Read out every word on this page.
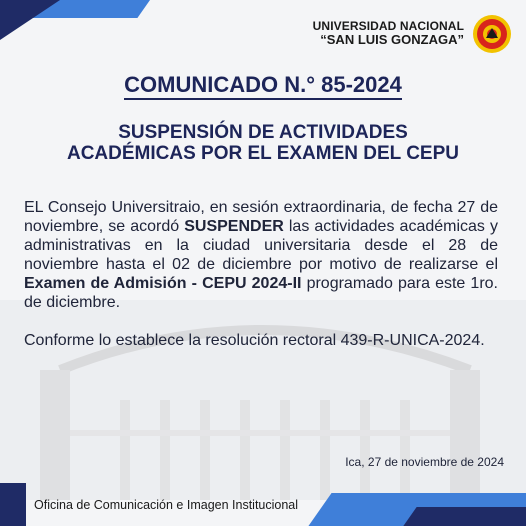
UNIVERSIDAD NACIONAL
“SAN LUIS GONZAGA”
COMUNICADO N.° 85-2024
SUSPENSIÓN DE ACTIVIDADES
ACADÉMICAS POR EL EXAMEN DEL CEPU

EL Consejo Universitraio, en sesión extraordinaria, de fecha 27 de noviembre, se acordó SUSPENDER las actividades académicas y administrativas en la ciudad universitaria desde el 28 de noviembre hasta el 02 de diciembre por motivo de realizarse el Examen de Admisión - CEPU 2024-II programado para este 1ro. de diciembre.

Conforme lo establece la resolución rectoral 439-R-UNICA-2024.

Ica, 27 de noviembre de 2024
Oficina de Comunicación e Imagen Institucional
